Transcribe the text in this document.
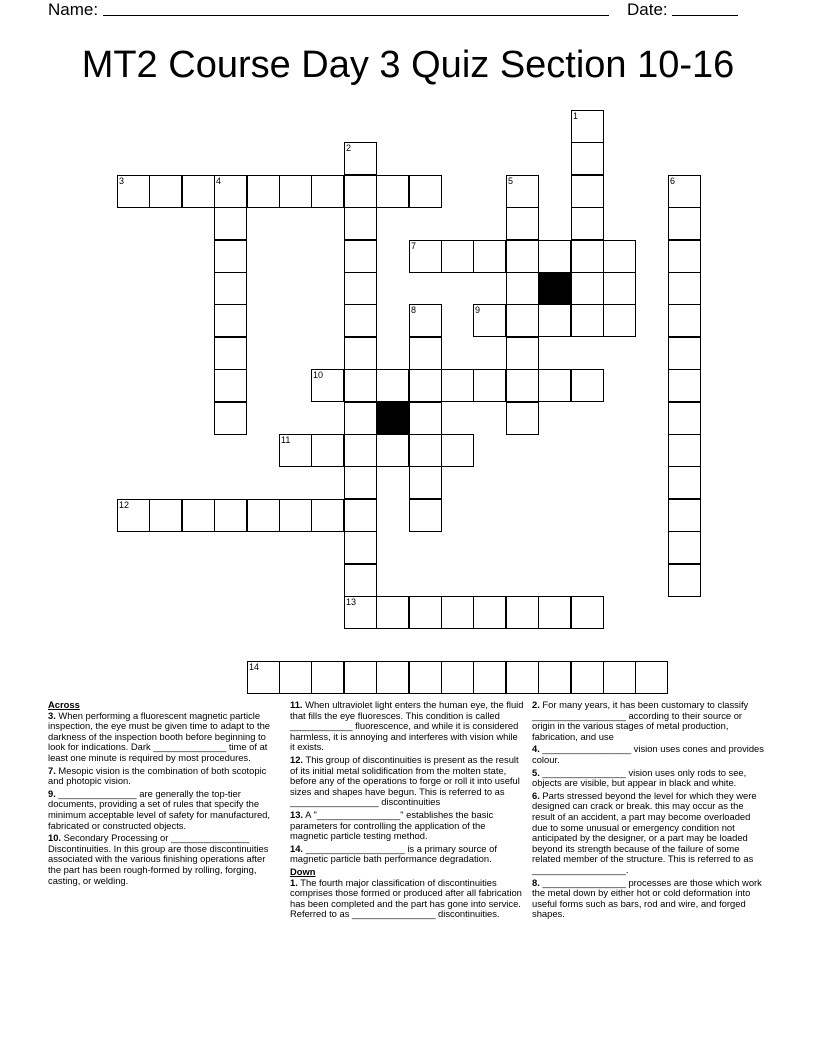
Name:	Date:
MT2 Course Day 3 Quiz Section 10-16
1
2
13
3	4	5	6
7
8	9
10
11
12
14
Across
3. When performing a fluorescent magnetic particle inspection, the eye must be given time to adapt to the darkness of the inspection booth before beginning to look for indications. Dark ______________ time of at least one minute is required by most procedures.
7. Mesopic vision is the combination of both scotopic and photopic vision.
9. _______________ are generally the top-tier documents, providing a set of rules that specify the minimum acceptable level of safety for manufactured, fabricated or constructed objects.
10. Secondary Processing or _______________ Discontinuities. In this group are those discontinuities associated with the various finishing operations after the part has been rough-formed by rolling, forging, casting, or welding.
11. When ultraviolet light enters the human eye, the fluid that fills the eye fluoresces. This condition is called ____________ fluorescence, and while it is considered harmless, it is annoying and interferes with vision while it exists.
12. This group of discontinuities is present as the result of its initial metal solidification from the molten state, before any of the operations to forge or roll it into useful sizes and shapes have begun. This is referred to as _________________ discontinuities
13. A "________________" establishes the basic parameters for controlling the application of the magnetic particle testing method.
14. ___________________ is a primary source of magnetic particle bath performance degradation.
Down
1. The fourth major classification of discontinuities comprises those formed or produced after all fabrication has been completed and the part has gone into service. Referred to as ________________ discontinuities.
2. For many years, it has been customary to classify __________________ according to their source or origin in the various stages of metal production, fabrication, and use
4. _________________ vision uses cones and provides colour.
5. ________________ vision uses only rods to see, objects are visible, but appear in black and white.
6. Parts stressed beyond the level for which they were designed can crack or break. this may occur as the result of an accident, a part may become overloaded due to some unusual or emergency condition not anticipated by the designer, or a part may be loaded beyond its strength because of the failure of some related member of the structure. This is referred to as __________________.
8. ________________ processes are those which work the metal down by either hot or cold deformation into useful forms such as bars, rod and wire, and forged shapes.
